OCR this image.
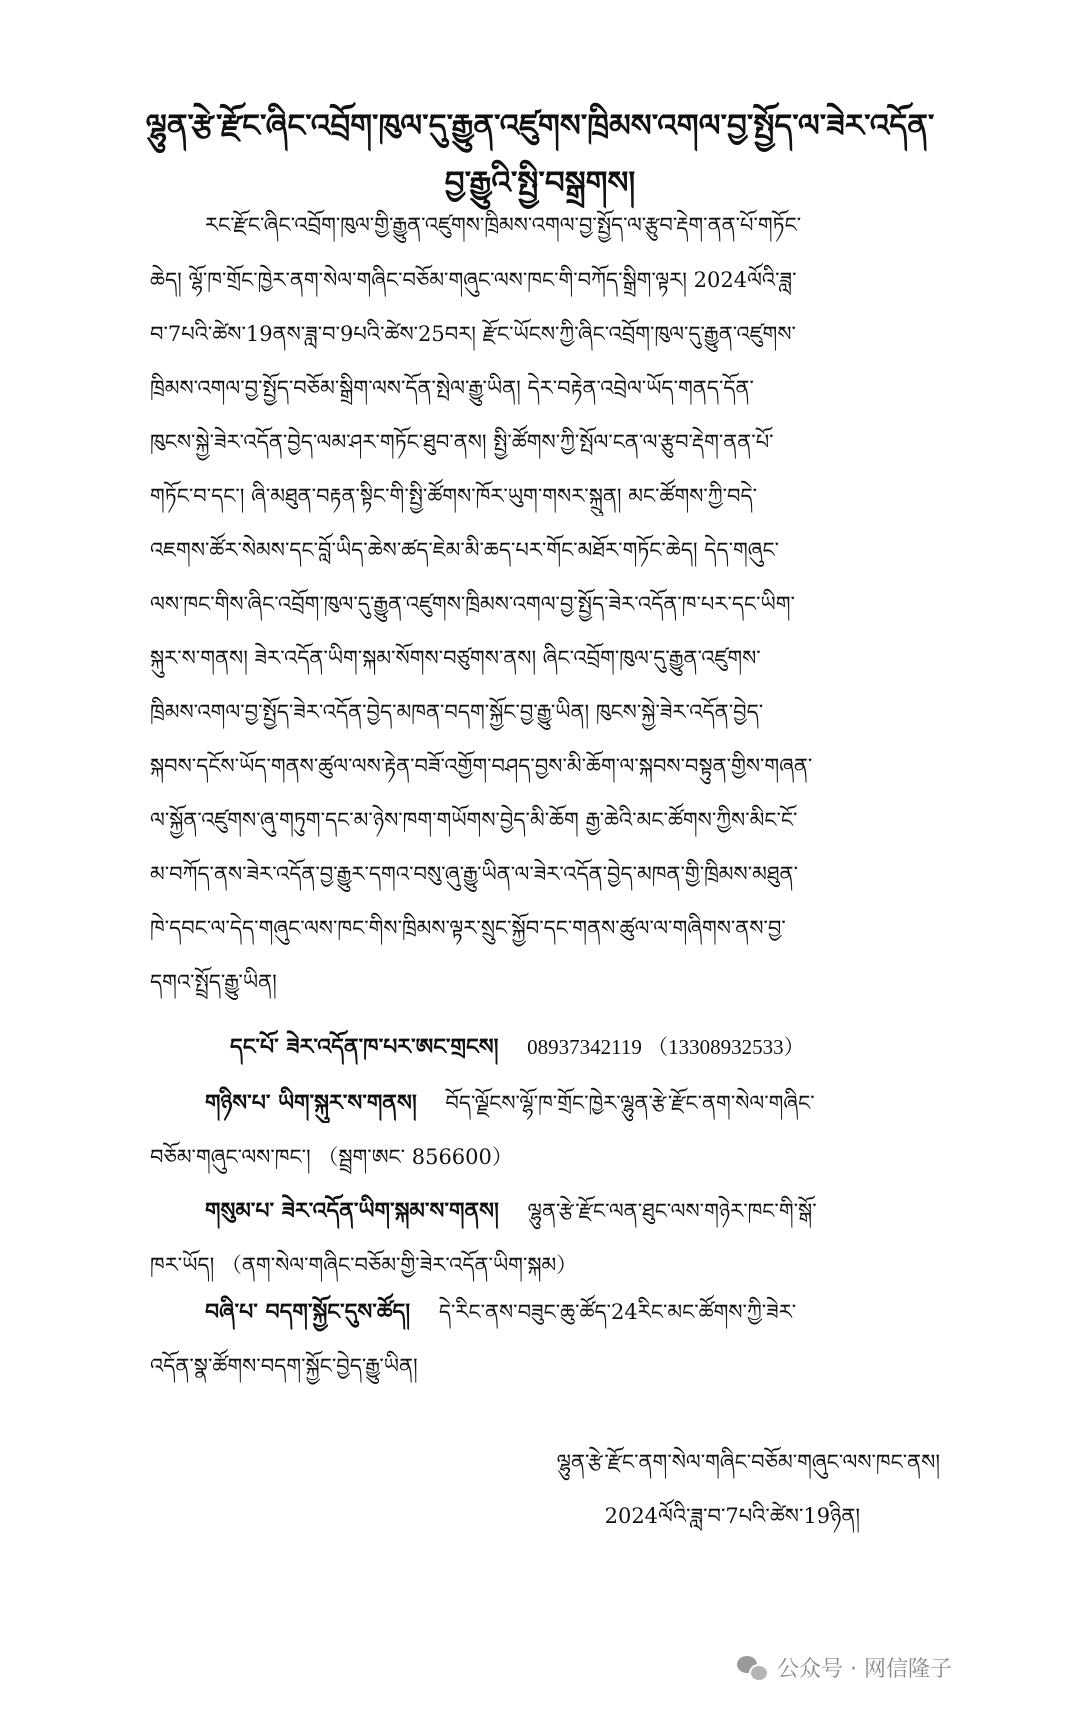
ལྷུན་རྩེ་རྫོང་ཞིང་འབྲོག་ཁུལ་དུ་རྒྱུན་འཛུགས་ཁྲིམས་འགལ་བྱ་སྤྱོད་ལ་ཟེར་འདོན་
བྱ་རྒྱུའི་སྤྱི་བསྒྲགས།
རང་རྫོང་ཞིང་འབྲོག་ཁུལ་གྱི་རྒྱུན་འཛུགས་ཁྲིམས་འགལ་བྱ་སྤྱོད་ལ་རྩུབ་རྡེག་ནན་པོ་གཏོང་
ཆེད། ལྷོ་ཁ་གྲོང་ཁྱེར་ནག་སེལ་གཞིང་བཅོམ་གཞུང་ལས་ཁང་གི་བཀོད་སྒྲིག་ལྟར། 2024ལོའི་ཟླ་
བ་7པའི་ཚེས་19ནས་ཟླ་བ་9པའི་ཚེས་25བར། རྫོང་ཡོངས་ཀྱི་ཞིང་འབྲོག་ཁུལ་དུ་རྒྱུན་འཛུགས་
ཁྲིམས་འགལ་བྱ་སྤྱོད་བཅོམ་སྒྲིག་ལས་དོན་སྤེལ་རྒྱུ་ཡིན། དེར་བརྟེན་འབྲེལ་ཡོད་གནད་དོན་
ཁུངས་སྐྱེ་ཟེར་འདོན་བྱེད་ལམ་ཤར་གཏོང་ཐུབ་ནས། སྤྱི་ཚོགས་ཀྱི་སྤོལ་ངན་ལ་རྩུབ་རྡེག་ནན་པོ་
གཏོང་བ་དང་། ཞི་མཐུན་བརྟན་སྟིང་གི་སྤྱི་ཚོགས་ཁོར་ཡུག་གསར་སྐྲུན། མང་ཚོགས་ཀྱི་བདེ་
འཇགས་ཚོར་སེམས་དང་བློ་ཡིད་ཆེས་ཚད་ཇེམ་མི་ཆད་པར་གོང་མཐོར་གཏོང་ཆེད། དེད་གཞུང་
ལས་ཁང་གིས་ཞིང་འབྲོག་ཁུལ་དུ་རྒྱུན་འཛུགས་ཁྲིམས་འགལ་བྱ་སྤྱོད་ཟེར་འདོན་ཁ་པར་དང་ཡིག་
སྐུར་ས་གནས། ཟེར་འདོན་ཡིག་སྐམ་སོགས་བཙུགས་ནས། ཞིང་འབྲོག་ཁུལ་དུ་རྒྱུན་འཛུགས་
ཁྲིམས་འགལ་བྱ་སྤྱོད་ཟེར་འདོན་བྱེད་མཁན་བདག་སྐྱོང་བྱ་རྒྱུ་ཡིན། ཁུངས་སྐྱེ་ཟེར་འདོན་བྱེད་
སྐབས་དངོས་ཡོད་གནས་ཚུལ་ལས་རྟེན་བཟོ་འགྱོག་བཤད་བྱས་མི་ཆོག་ལ་སྐབས་བསྟུན་གྱིས་གཞན་
ལ་སྐྱོན་འཛུགས་ཞུ་གཏུག་དང་མ་ཉེས་ཁག་གཡོགས་བྱེད་མི་ཆོག རྒྱ་ཆེའི་མང་ཚོགས་ཀྱིས་མིང་ངོ་
མ་བཀོད་ནས་ཟེར་འདོན་བྱ་རྒྱུར་དགའ་བསུ་ཞུ་རྒྱུ་ཡིན་ལ་ཟེར་འདོན་བྱེད་མཁན་གྱི་ཁྲིམས་མཐུན་
ཁེ་དབང་ལ་དེད་གཞུང་ལས་ཁང་གིས་ཁྲིམས་ལྟར་སྲུང་སྐྱོབ་དང་གནས་ཚུལ་ལ་གཞིགས་ནས་བྱ་
དགའ་སྤྲོད་རྒྱུ་ཡིན།
དང་པོ་ ཟེར་འདོན་ཁ་པར་ཨང་གྲངས། 08937342119 （13308932533）
གཉིས་པ་ ཡིག་སྐུར་ས་གནས། བོད་ལྗོངས་ལྷོ་ཁ་གྲོང་ཁྱེར་ལྷུན་རྩེ་རྫོང་ནག་སེལ་གཞིང་
བཅོམ་གཞུང་ལས་ཁང་། （སྦྲག་ཨང་ 856600）
གསུམ་པ་ ཟེར་འདོན་ཡིག་སྐམ་ས་གནས། ལྷུན་རྩེ་རྫོང་ལན་ཐུང་ལས་གཉེར་ཁང་གི་སྒོ་
ཁར་ཡོད། （ནག་སེལ་གཞིང་བཅོམ་གྱི་ཟེར་འདོན་ཡིག་སྐམ）
བཞི་པ་ བདག་སྐྱོང་དུས་ཚོད། དེ་རིང་ནས་བཟུང་ཆུ་ཚོད་24རིང་མང་ཚོགས་ཀྱི་ཟེར་
འདོན་སྣ་ཚོགས་བདག་སྐྱོང་བྱེད་རྒྱུ་ཡིན།
ལྷུན་རྩེ་རྫོང་ནག་སེལ་གཞིང་བཅོམ་གཞུང་ལས་ཁང་ནས།
2024ལོའི་ཟླ་བ་7པའི་ཚེས་19ཉིན།
公众号 · 网信隆子
